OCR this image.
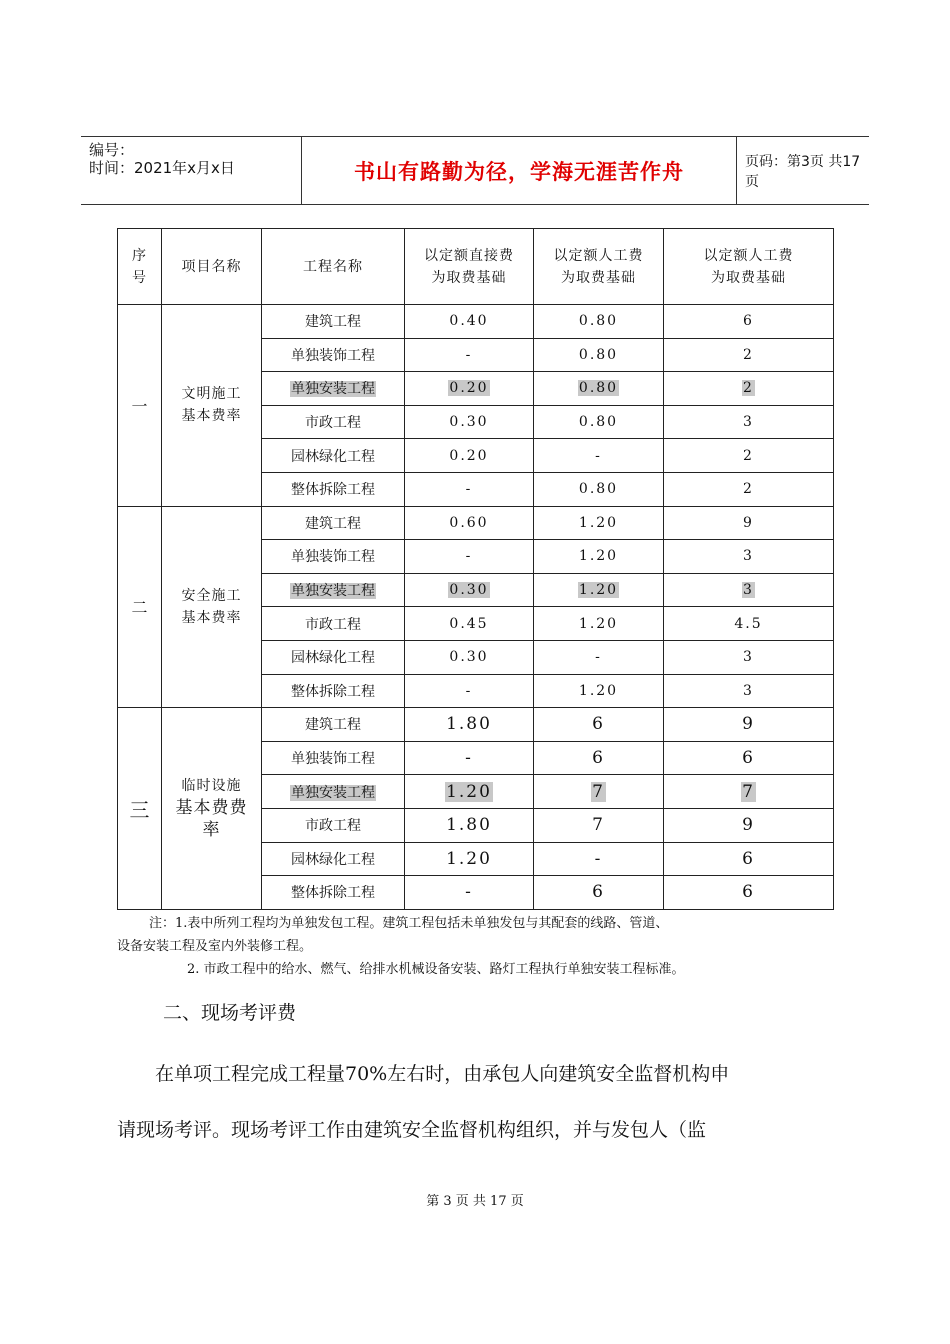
编号：
时间：2021年x月x日	书山有路勤为径，学海无涯苦作舟	页码：第3页 共17页
序
号	项目名称	工程名称	以定额直接费
为取费基础	以定额人工费
为取费基础	以定额人工费
为取费基础
一	文明施工
基本费率	建筑工程	0.40	0.80	6
		单独装饰工程	-	0.80	2
		单独安装工程	0.20	0.80	2
		市政工程	0.30	0.80	3
		园林绿化工程	0.20	-	2
		整体拆除工程	-	0.80	2
二	安全施工
基本费率	建筑工程	0.60	1.20	9
		单独装饰工程	-	1.20	3
		单独安装工程	0.30	1.20	3
		市政工程	0.45	1.20	4.5
		园林绿化工程	0.30	-	3
		整体拆除工程	-	1.20	3
三	临时设施
基本费费
率	建筑工程	1.80	6	9
		单独装饰工程	-	6	6
		单独安装工程	1.20	7	7
		市政工程	1.80	7	9
		园林绿化工程	1.20	-	6
		整体拆除工程	-	6	6
注：1.表中所列工程均为单独发包工程。建筑工程包括未单独发包与其配套的线路、管道、
设备安装工程及室内外装修工程。
2. 市政工程中的给水、燃气、给排水机械设备安装、路灯工程执行单独安装工程标准。
二、现场考评费
在单项工程完成工程量70%左右时，由承包人向建筑安全监督机构申
请现场考评。现场考评工作由建筑安全监督机构组织，并与发包人（监
第 3 页 共 17 页
